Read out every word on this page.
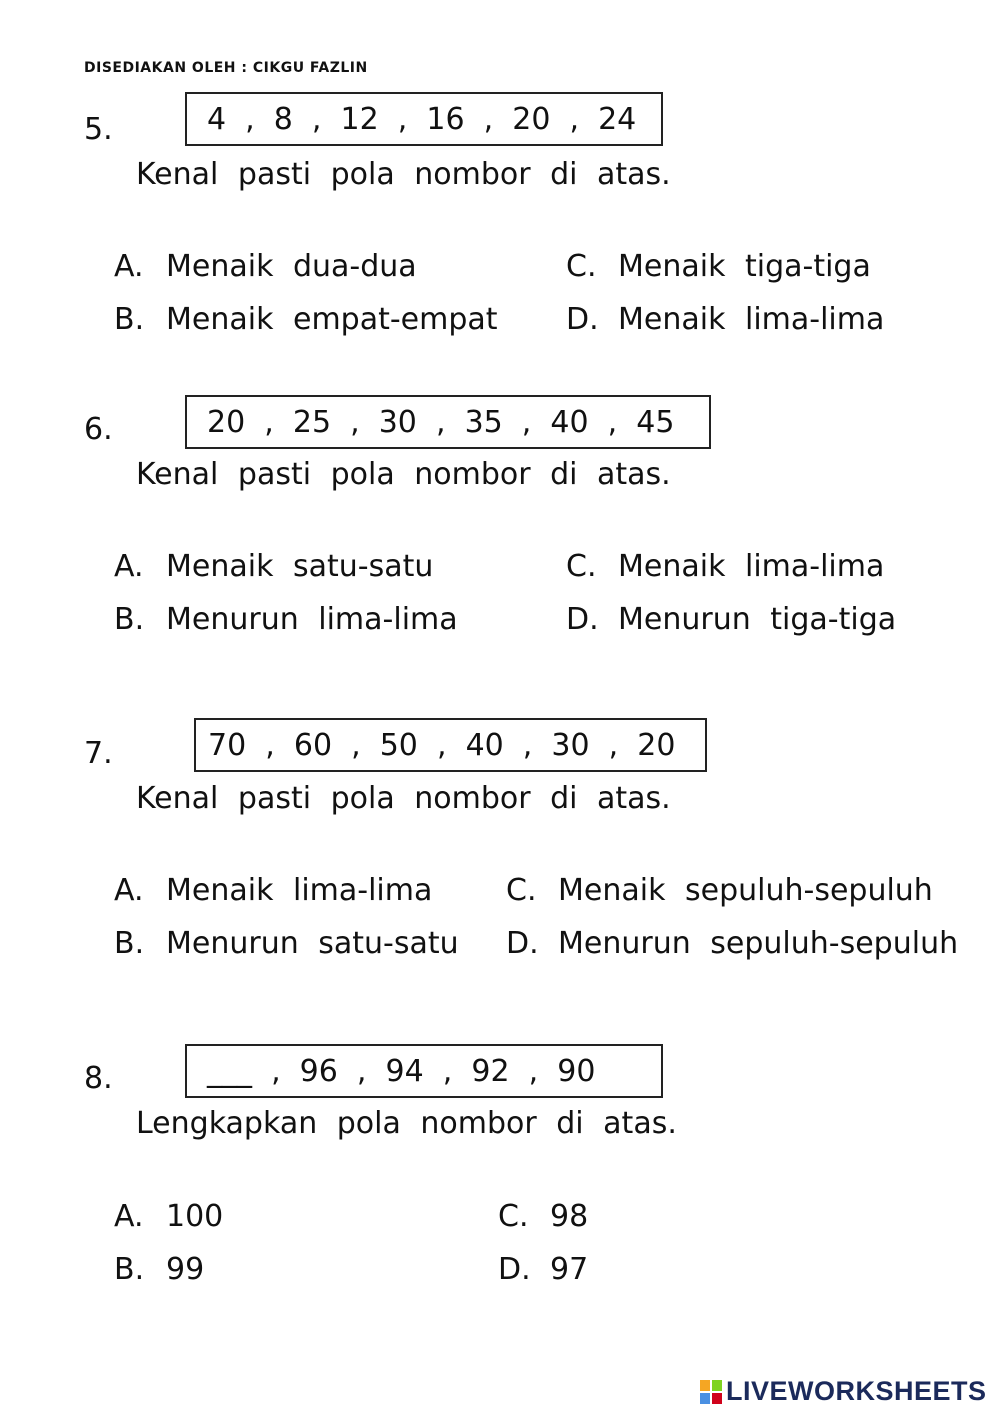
DISEDIAKAN OLEH : CIKGU FAZLIN
5.	4  ,  8  ,  12  ,  16  ,  20  ,  24
Kenal pasti pola nombor di atas.
A. Menaik dua-dua
B. Menaik empat-empat
C. Menaik tiga-tiga
D. Menaik lima-lima
6.	20  ,  25  ,  30  ,  35  ,  40  ,  45
Kenal pasti pola nombor di atas.
A. Menaik satu-satu
B. Menurun lima-lima
C. Menaik lima-lima
D. Menurun tiga-tiga
7.	70  ,  60  ,  50  ,  40  ,  30  ,  20
Kenal pasti pola nombor di atas.
A. Menaik lima-lima
B. Menurun satu-satu
C. Menaik sepuluh-sepuluh
D. Menurun sepuluh-sepuluh
8.	___  ,  96  ,  94  ,  92  ,  90
Lengkapkan pola nombor di atas.
A. 100
B. 99
C. 98
D. 97
LIVEWORKSHEETS
